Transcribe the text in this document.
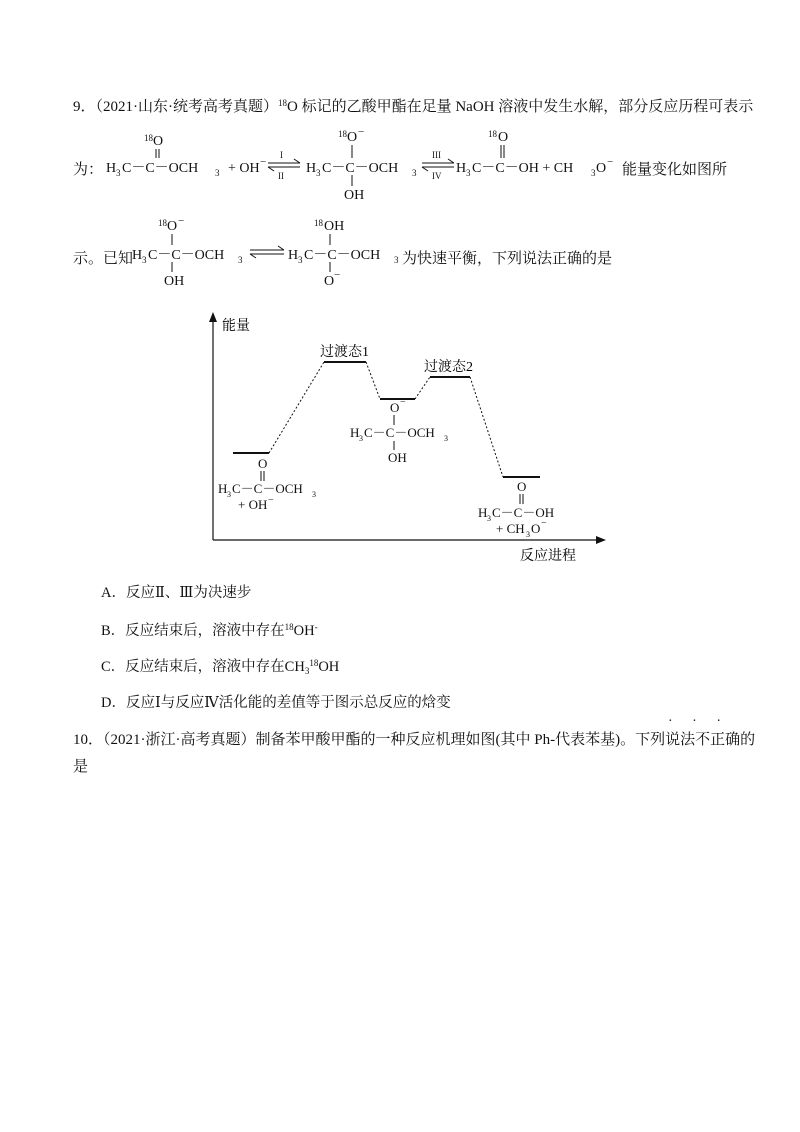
9．（2021·山东·统考高考真题）$^{18}$O 标记的乙酸甲酯在足量 NaOH 溶液中发生水解，部分反应历程可表示
为：
18 O
H 3 C－C－OCH 3 + OH −
I
II
18 O −
H 3 C－C－OCH 3
OH
III
IV
18 O
H 3 C－C－OH + CH 3 O − 能量变化如图所
示。已知
18 O −
H 3 C－C－OCH 3
OH
18 OH
H 3 C－C－OCH 3
O −
为快速平衡，下列说法正确的是
能量
反应进程
过渡态1
过渡态2
O
H 3 C－C－OCH 3
+ OH −
O −
H 3 C－C－OCH 3
OH
O
H 3 C－C－OH
+ CH 3 O −
A．反应Ⅱ、Ⅲ为决速步
B．反应结束后，溶液中存在$^{18}$OH-
C．反应结束后，溶液中存在$CH_3^{18}OH$
D．反应Ⅰ与反应Ⅳ活化能的差值等于图示总反应的焓变
10．（2021·浙江·高考真题）制备苯甲酸甲酯的一种反应机理如图(其中 Ph-代表苯基)。下列说法不正确的
· · ·
是
